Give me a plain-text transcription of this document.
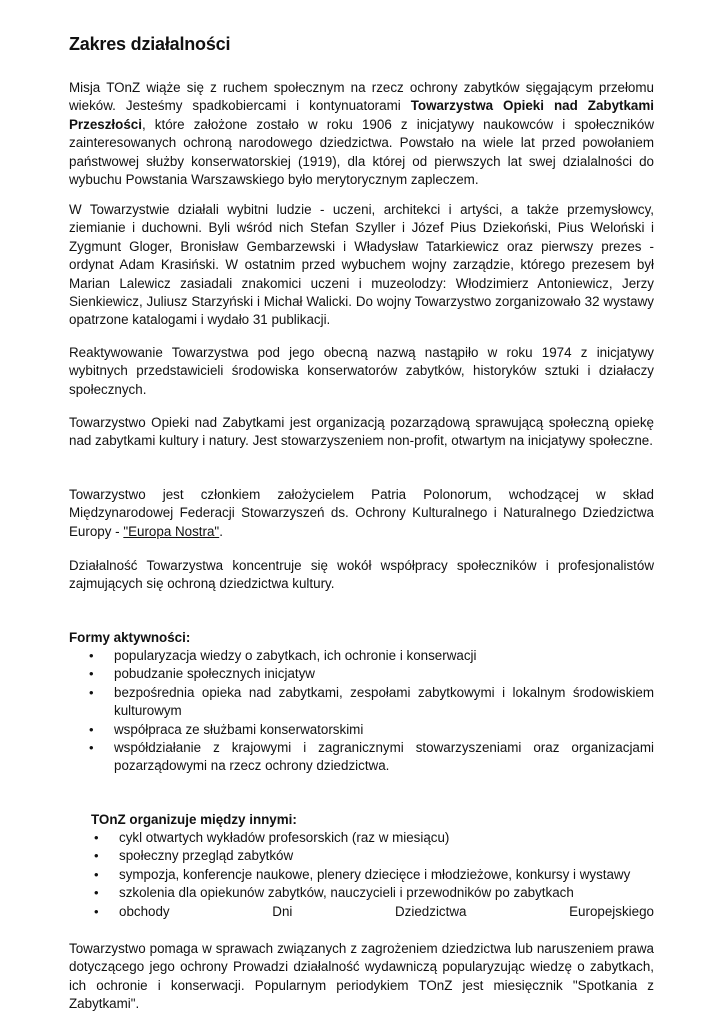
Zakres działalności

Misja TOnZ wiąże się z ruchem społecznym na rzecz ochrony zabytków sięgającym przełomu wieków. Jesteśmy spadkobiercami i kontynuatorami Towarzystwa Opieki nad Zabytkami Przeszłości, które założone zostało w roku 1906 z inicjatywy naukowców i społeczników zainteresowanych ochroną narodowego dziedzictwa. Powstało na wiele lat przed powołaniem państwowej służby konserwatorskiej (1919), dla której od pierwszych lat swej dzialalności do wybuchu Powstania Warszawskiego było merytorycznym zapleczem.

W Towarzystwie działali wybitni ludzie - uczeni, architekci i artyści, a także przemysłowcy, ziemianie i duchowni. Byli wśród nich Stefan Szyller i Józef Pius Dziekoński, Pius Weloński i Zygmunt Gloger, Bronisław Gembarzewski i Władysław Tatarkiewicz oraz pierwszy prezes - ordynat Adam Krasiński. W ostatnim przed wybuchem wojny zarządzie, którego prezesem był Marian Lalewicz zasiadali znakomici uczeni i muzeolodzy: Włodzimierz Antoniewicz, Jerzy Sienkiewicz, Juliusz Starzyński i Michał Walicki. Do wojny Towarzystwo zorganizowało 32 wystawy opatrzone katalogami i wydało 31 publikacji.

Reaktywowanie Towarzystwa pod jego obecną nazwą nastąpiło w roku 1974 z inicjatywy wybitnych przedstawicieli środowiska konserwatorów zabytków, historyków sztuki i działaczy społecznych.

Towarzystwo Opieki nad Zabytkami jest organizacją pozarządową sprawującą społeczną opiekę nad zabytkami kultury i natury. Jest stowarzyszeniem non-profit, otwartym na inicjatywy społeczne.

Towarzystwo jest członkiem założycielem Patria Polonorum, wchodzącej w skład Międzynarodowej Federacji Stowarzyszeń ds. Ochrony Kulturalnego i Naturalnego Dziedzictwa Europy - "Europa Nostra".

Działalność Towarzystwa koncentruje się wokół współpracy społeczników i profesjonalistów zajmujących się ochroną dziedzictwa kultury.

Formy aktywności:

• popularyzacja wiedzy o zabytkach, ich ochronie i konserwacji
• pobudzanie społecznych inicjatyw
• bezpośrednia opieka nad zabytkami, zespołami zabytkowymi i lokalnym środowiskiem kulturowym
• współpraca ze służbami konserwatorskimi
• współdziałanie z krajowymi i zagranicznymi stowarzyszeniami oraz organizacjami pozarządowymi na rzecz ochrony dziedzictwa.

TOnZ organizuje między innymi:

• cykl otwartych wykładów profesorskich (raz w miesiącu)
• społeczny przegląd zabytków
• sympozja, konferencje naukowe, plenery dziecięce i młodzieżowe, konkursy i wystawy
• szkolenia dla opiekunów zabytków, nauczycieli i przewodników po zabytkach
• obchody	Dni	Dziedzictwa	Europejskiego

Towarzystwo pomaga w sprawach związanych z zagrożeniem dziedzictwa lub naruszeniem prawa dotyczącego jego ochrony Prowadzi działalność wydawniczą popularyzując wiedzę o zabytkach, ich ochronie i konserwacji. Popularnym periodykiem TOnZ jest miesięcznik "Spotkania z Zabytkami".
